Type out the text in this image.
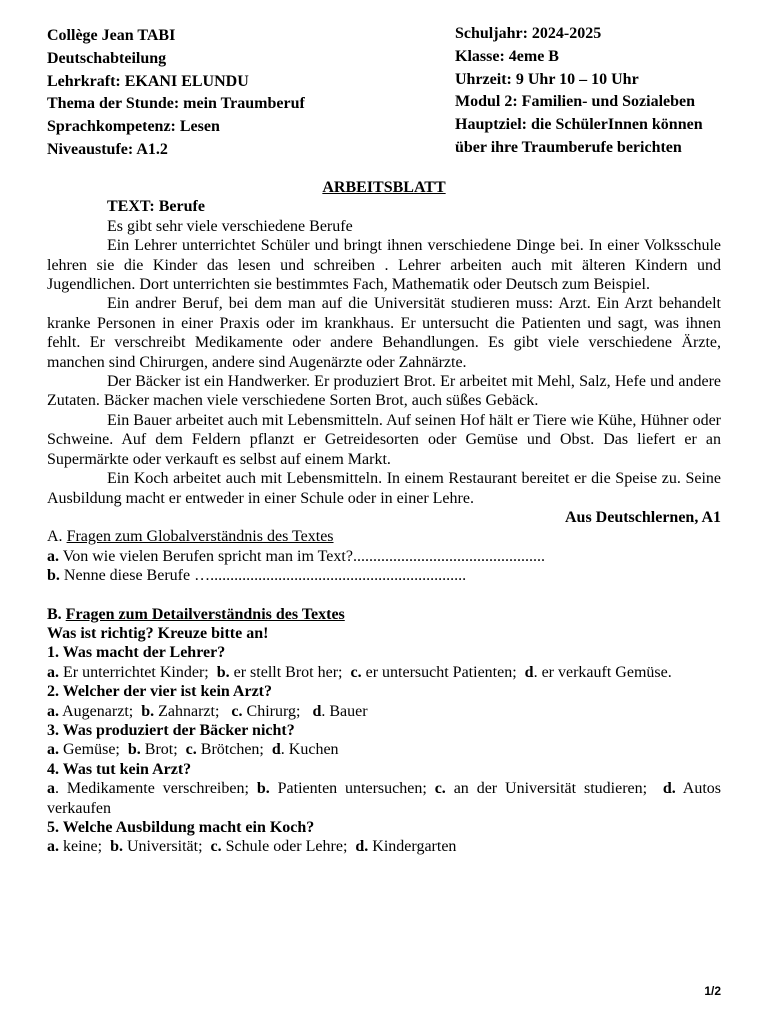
Collège Jean TABI
Deutschabteilung
Lehrkraft: EKANI ELUNDU
Thema der Stunde: mein Traumberuf
Sprachkompetenz: Lesen
Niveaustufe: A1.2
Schuljahr: 2024-2025
Klasse: 4eme B
Uhrzeit: 9 Uhr 10 – 10 Uhr
Modul 2: Familien- und Sozialeben
Hauptziel: die SchülerInnen können
über ihre Traumberufe berichten
ARBEITSBLATT
TEXT: Berufe
Es gibt sehr viele verschiedene Berufe
Ein Lehrer unterrichtet Schüler und bringt ihnen verschiedene Dinge bei. In einer Volksschule lehren sie die Kinder das lesen und schreiben . Lehrer arbeiten auch mit älteren Kindern und Jugendlichen. Dort unterrichten sie bestimmtes Fach, Mathematik oder Deutsch zum Beispiel.
Ein andrer Beruf, bei dem man auf die Universität studieren muss: Arzt. Ein Arzt behandelt kranke Personen in einer Praxis oder im krankhaus. Er untersucht die Patienten und sagt, was ihnen fehlt. Er verschreibt Medikamente oder andere Behandlungen. Es gibt viele verschiedene Ärzte, manchen sind Chirurgen, andere sind Augenärzte oder Zahnärzte.
Der Bäcker ist ein Handwerker. Er produziert Brot. Er arbeitet mit Mehl, Salz, Hefe und andere Zutaten. Bäcker machen viele verschiedene Sorten Brot, auch süßes Gebäck.
Ein Bauer arbeitet auch mit Lebensmitteln. Auf seinen Hof hält er Tiere wie Kühe, Hühner oder Schweine. Auf dem Feldern pflanzt er Getreidesorten oder Gemüse und Obst. Das liefert er an Supermärkte oder verkauft es selbst auf einem Markt.
Ein Koch arbeitet auch mit Lebensmitteln. In einem Restaurant bereitet er die Speise zu. Seine Ausbildung macht er entweder in einer Schule oder in einer Lehre.
Aus Deutschlernen, A1
A. Fragen zum Globalverständnis des Textes
a. Von wie vielen Berufen spricht man im Text?................................................
b. Nenne diese Berufe …................................................................
B. Fragen zum Detailverständnis des Textes
Was ist richtig? Kreuze bitte an!
1. Was macht der Lehrer?
a. Er unterrichtet Kinder; b. er stellt Brot her; c. er untersucht Patienten; d. er verkauft Gemüse.
2. Welcher der vier ist kein Arzt?
a. Augenarzt; b. Zahnarzt; c. Chirurg; d. Bauer
3. Was produziert der Bäcker nicht?
a. Gemüse; b. Brot; c. Brötchen; d. Kuchen
4. Was tut kein Arzt?
a. Medikamente verschreiben; b. Patienten untersuchen; c. an der Universität studieren; d. Autos verkaufen
5. Welche Ausbildung macht ein Koch?
a. keine; b. Universität; c. Schule oder Lehre; d. Kindergarten
1/2
